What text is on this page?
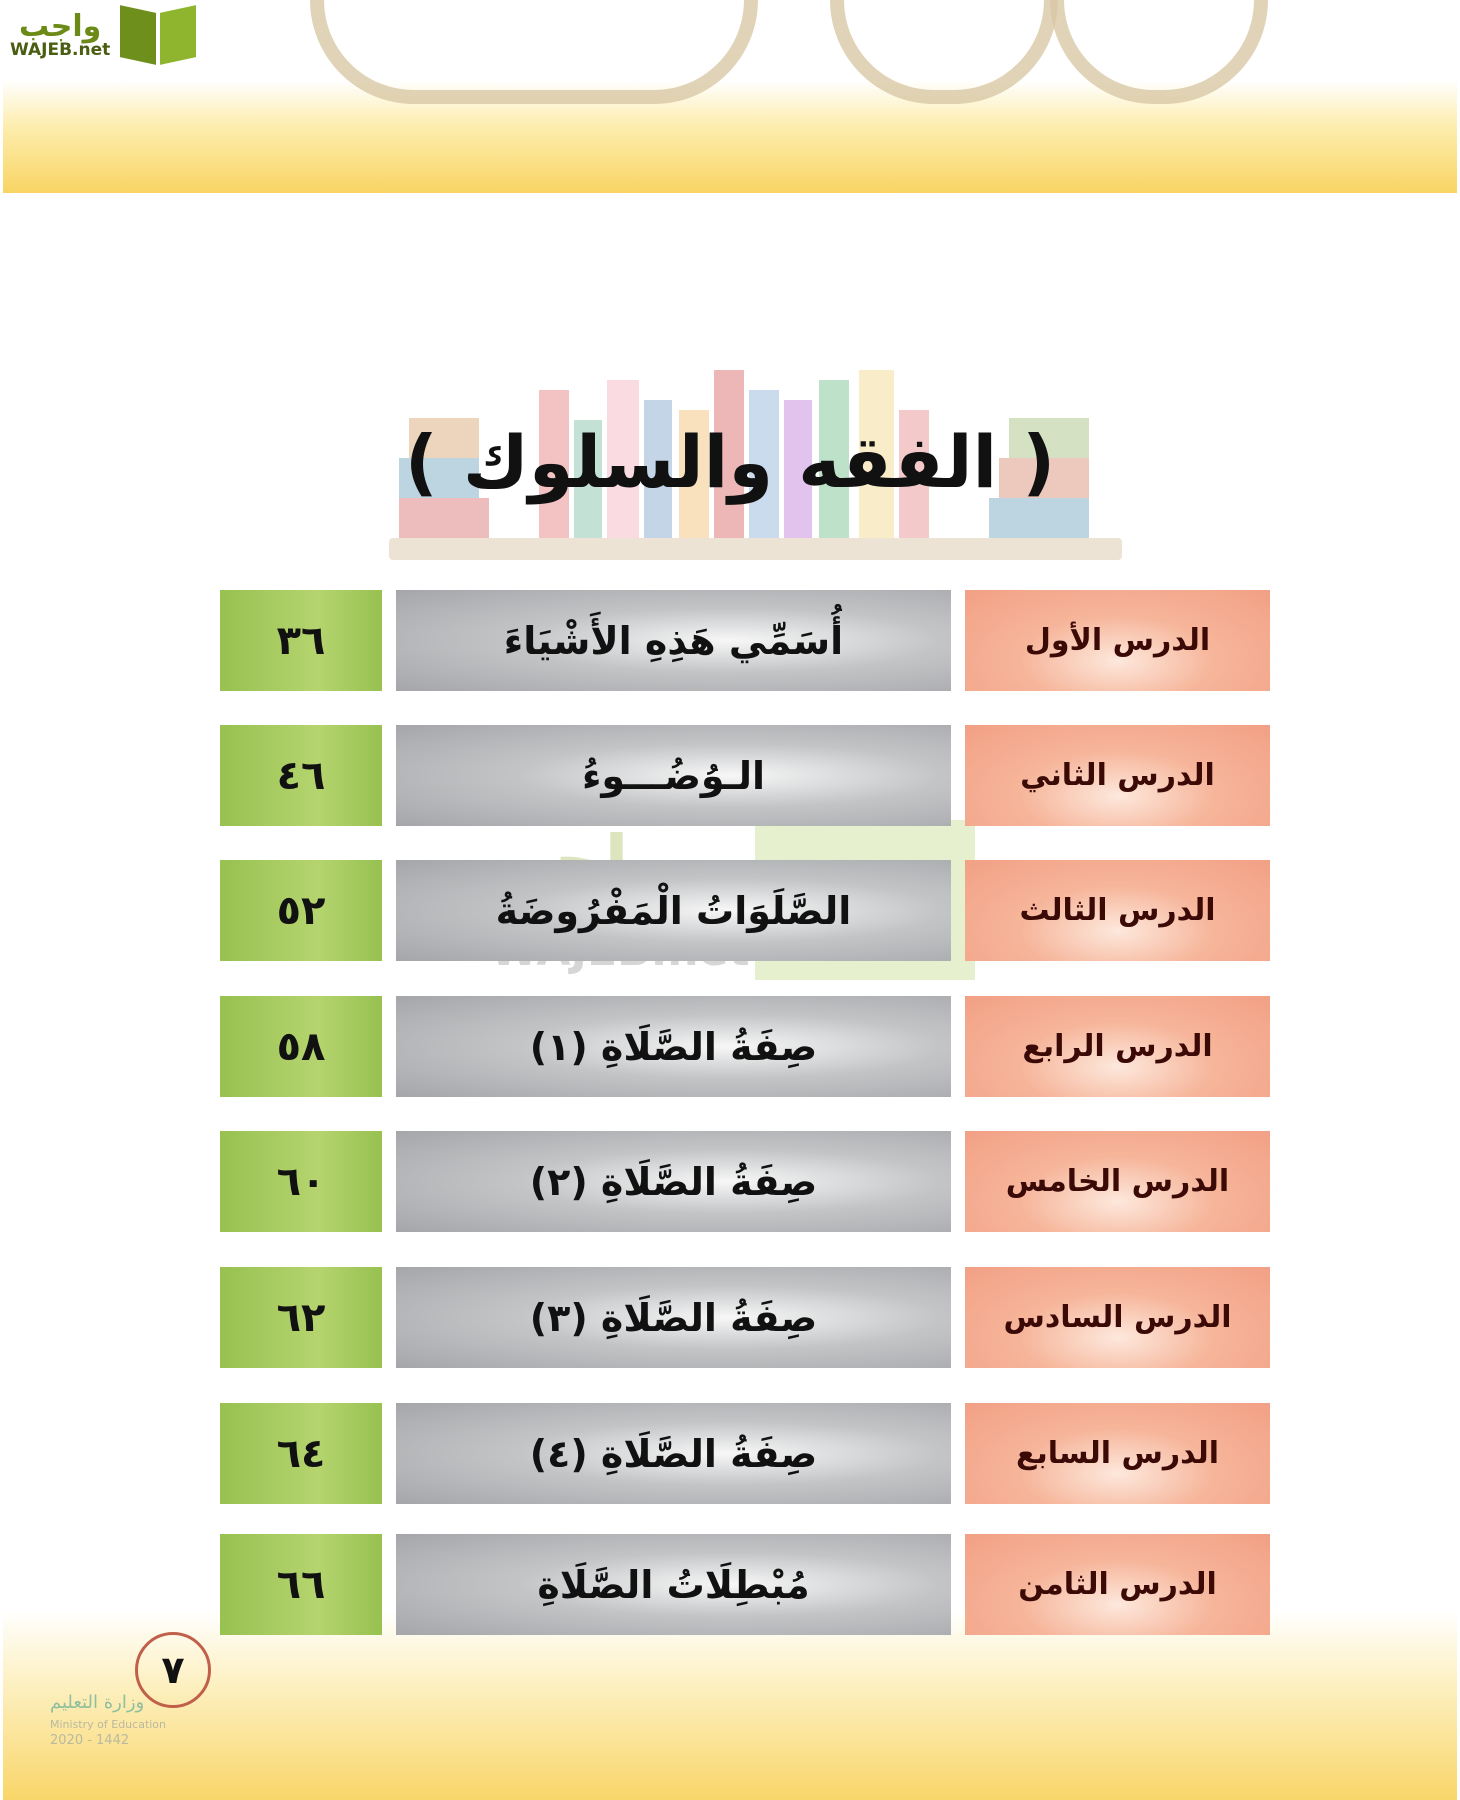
واجب
WAJEB.net
( الفقه والسلوك )
٣٦	أُسَمِّي هَذِهِ الأَشْيَاءَ	الدرس الأول
٤٦	الـوُضُـــوءُ	الدرس الثاني
٥٢	الصَّلَوَاتُ الْمَفْرُوضَةُ	الدرس الثالث
٥٨	صِفَةُ الصَّلَاةِ (١)	الدرس الرابع
٦٠	صِفَةُ الصَّلَاةِ (٢)	الدرس الخامس
٦٢	صِفَةُ الصَّلَاةِ (٣)	الدرس السادس
٦٤	صِفَةُ الصَّلَاةِ (٤)	الدرس السابع
٦٦	مُبْطِلَاتُ الصَّلَاةِ	الدرس الثامن
٧
وزارة التعليم
Ministry of Education
2020 - 1442
